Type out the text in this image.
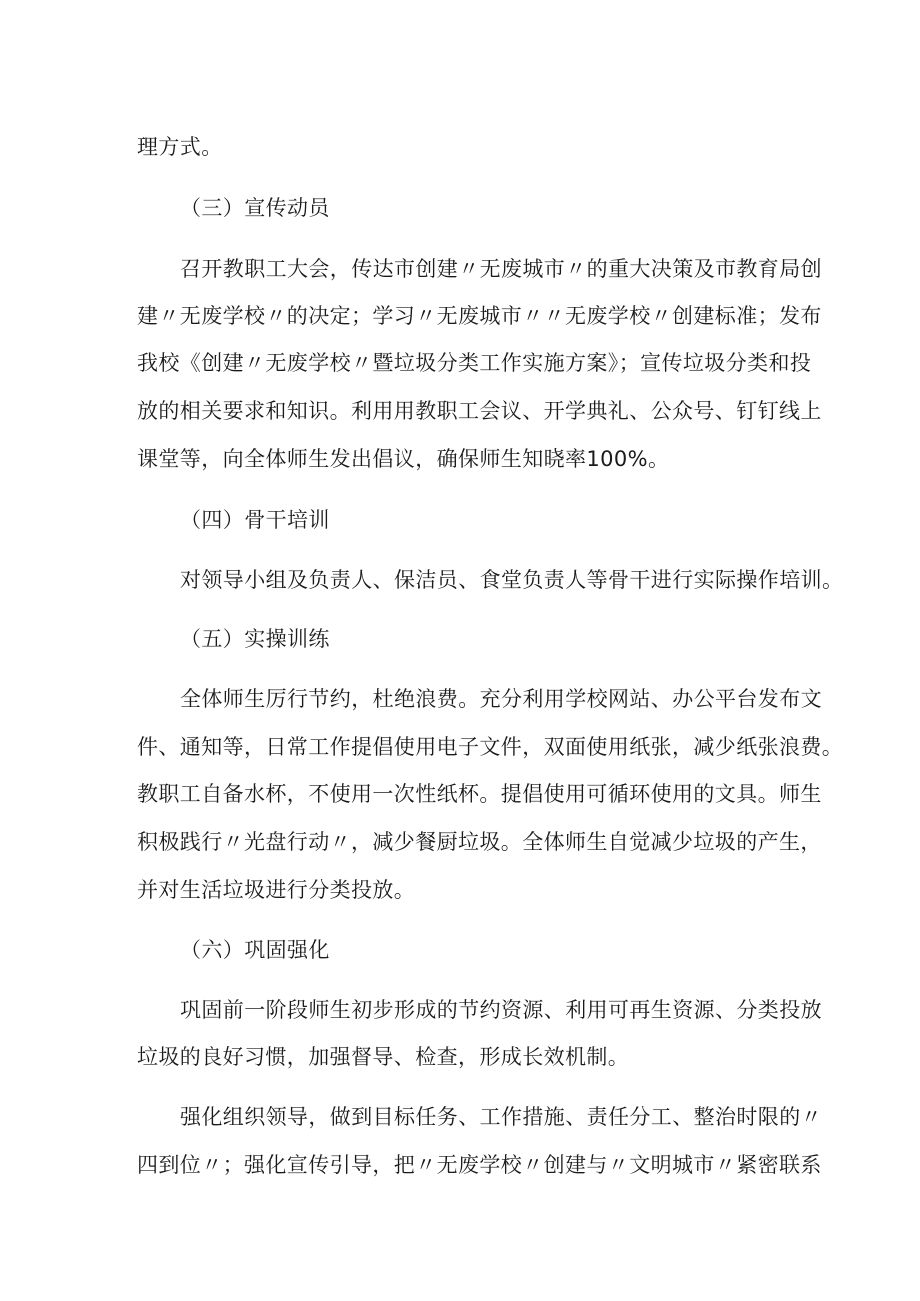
理方式。
（三）宣传动员
召开教职工大会，传达市创建〃无废城市〃的重大决策及市教育局创
建〃无废学校〃的决定；学习〃无废城市〃〃无废学校〃创建标准；发布
我校《创建〃无废学校〃暨垃圾分类工作实施方案》；宣传垃圾分类和投
放的相关要求和知识。利用用教职工会议、开学典礼、公众号、钉钉线上
课堂等，向全体师生发出倡议，确保师生知晓率100%。
（四）骨干培训
对领导小组及负责人、保洁员、食堂负责人等骨干进行实际操作培训。
（五）实操训练
全体师生厉行节约，杜绝浪费。充分利用学校网站、办公平台发布文
件、通知等，日常工作提倡使用电子文件，双面使用纸张，减少纸张浪费。
教职工自备水杯，不使用一次性纸杯。提倡使用可循环使用的文具。师生
积极践行〃光盘行动〃，减少餐厨垃圾。全体师生自觉减少垃圾的产生，
并对生活垃圾进行分类投放。
（六）巩固强化
巩固前一阶段师生初步形成的节约资源、利用可再生资源、分类投放
垃圾的良好习惯，加强督导、检查，形成长效机制。
强化组织领导，做到目标任务、工作措施、责任分工、整治时限的〃
四到位〃；强化宣传引导，把〃无废学校〃创建与〃文明城市〃紧密联系
